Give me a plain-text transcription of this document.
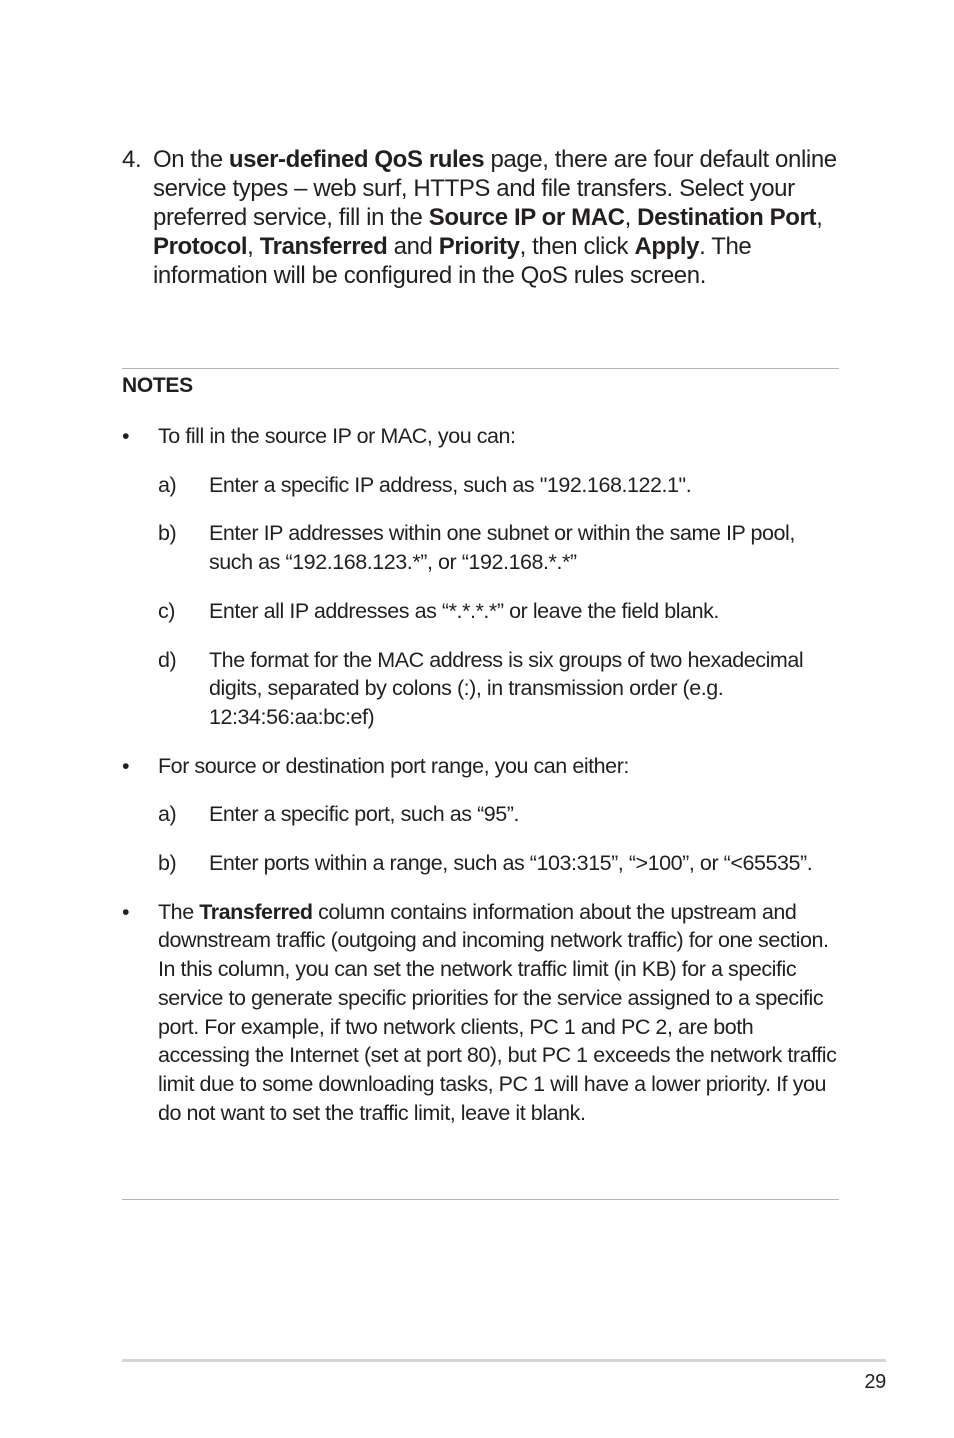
4. On the user-defined QoS rules page, there are four default online service types – web surf, HTTPS and file transfers. Select your preferred service, fill in the Source IP or MAC, Destination Port, Protocol, Transferred and Priority, then click Apply. The information will be configured in the QoS rules screen.
NOTES
• To fill in the source IP or MAC, you can:
a) Enter a specific IP address, such as "192.168.122.1".
b) Enter IP addresses within one subnet or within the same IP pool, such as “192.168.123.*”, or “192.168.*.*”
c) Enter all IP addresses as “*.*.*.*” or leave the field blank.
d) The format for the MAC address is six groups of two hexadecimal digits, separated by colons (:), in transmission order (e.g. 12:34:56:aa:bc:ef)
• For source or destination port range, you can either:
a) Enter a specific port, such as “95”.
b) Enter ports within a range, such as “103:315”, “>100”, or “<65535”.
• The Transferred column contains information about the upstream and downstream traffic (outgoing and incoming network traffic) for one section. In this column, you can set the network traffic limit (in KB) for a specific service to generate specific priorities for the service assigned to a specific port. For example, if two network clients, PC 1 and PC 2, are both accessing the Internet (set at port 80), but PC 1 exceeds the network traffic limit due to some downloading tasks, PC 1 will have a lower priority. If you do not want to set the traffic limit, leave it blank.
29
